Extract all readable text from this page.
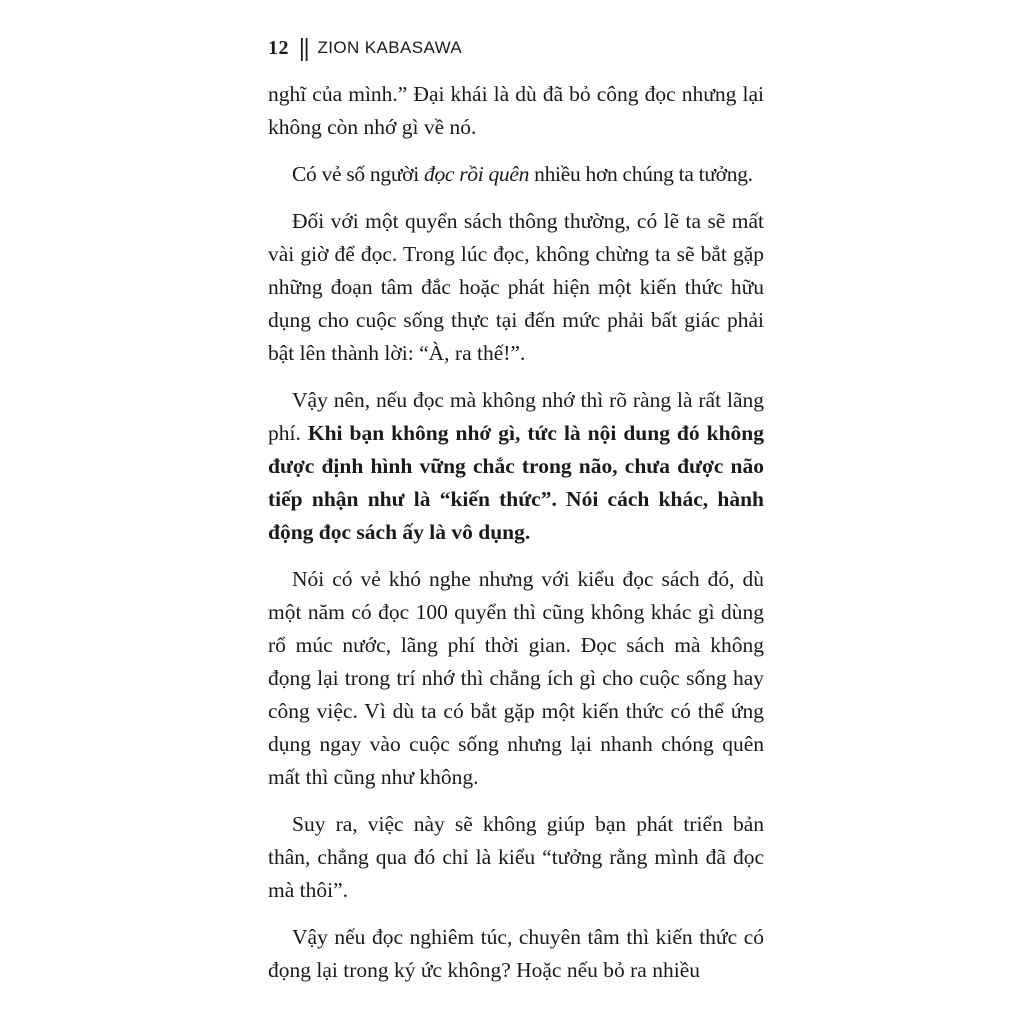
12 || ZION KABASAWA

nghĩ của mình.” Đại khái là dù đã bỏ công đọc nhưng lại không còn nhớ gì về nó.

Có vẻ số người đọc rồi quên nhiều hơn chúng ta tưởng.

Đối với một quyển sách thông thường, có lẽ ta sẽ mất vài giờ để đọc. Trong lúc đọc, không chừng ta sẽ bắt gặp những đoạn tâm đắc hoặc phát hiện một kiến thức hữu dụng cho cuộc sống thực tại đến mức phải bất giác phải bật lên thành lời: “À, ra thế!”.

Vậy nên, nếu đọc mà không nhớ thì rõ ràng là rất lãng phí. Khi bạn không nhớ gì, tức là nội dung đó không được định hình vững chắc trong não, chưa được não tiếp nhận như là “kiến thức”. Nói cách khác, hành động đọc sách ấy là vô dụng.

Nói có vẻ khó nghe nhưng với kiểu đọc sách đó, dù một năm có đọc 100 quyển thì cũng không khác gì dùng rổ múc nước, lãng phí thời gian. Đọc sách mà không đọng lại trong trí nhớ thì chẳng ích gì cho cuộc sống hay công việc. Vì dù ta có bắt gặp một kiến thức có thể ứng dụng ngay vào cuộc sống nhưng lại nhanh chóng quên mất thì cũng như không.

Suy ra, việc này sẽ không giúp bạn phát triển bản thân, chẳng qua đó chỉ là kiểu “tưởng rằng mình đã đọc mà thôi”.

Vậy nếu đọc nghiêm túc, chuyên tâm thì kiến thức có đọng lại trong ký ức không? Hoặc nếu bỏ ra nhiều
